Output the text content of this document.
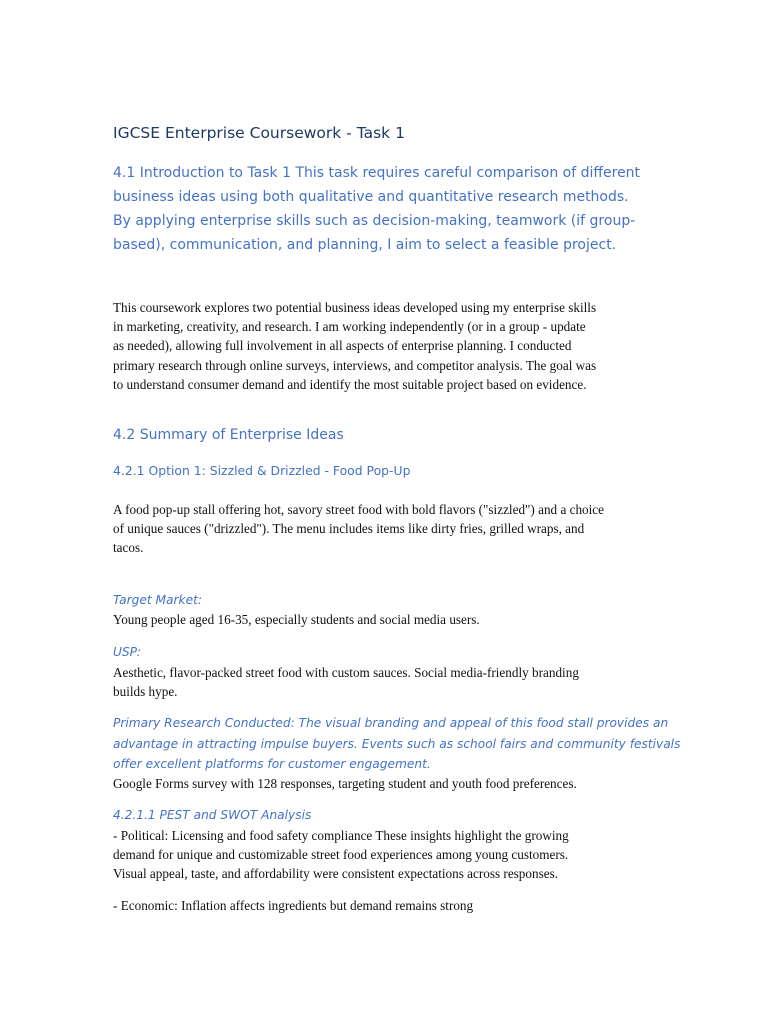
IGCSE Enterprise Coursework - Task 1
4.1 Introduction to Task 1 This task requires careful comparison of different
business ideas using both qualitative and quantitative research methods.
By applying enterprise skills such as decision-making, teamwork (if group-
based), communication, and planning, I aim to select a feasible project.
This coursework explores two potential business ideas developed using my enterprise skills
in marketing, creativity, and research. I am working independently (or in a group - update
as needed), allowing full involvement in all aspects of enterprise planning. I conducted
primary research through online surveys, interviews, and competitor analysis. The goal was
to understand consumer demand and identify the most suitable project based on evidence.
4.2 Summary of Enterprise Ideas
4.2.1 Option 1: Sizzled & Drizzled - Food Pop-Up
A food pop-up stall offering hot, savory street food with bold flavors ("sizzled") and a choice
of unique sauces ("drizzled"). The menu includes items like dirty fries, grilled wraps, and
tacos.
Target Market:
Young people aged 16-35, especially students and social media users.
USP:
Aesthetic, flavor-packed street food with custom sauces. Social media-friendly branding
builds hype.
Primary Research Conducted: The visual branding and appeal of this food stall provides an
advantage in attracting impulse buyers. Events such as school fairs and community festivals
offer excellent platforms for customer engagement.
Google Forms survey with 128 responses, targeting student and youth food preferences.
4.2.1.1 PEST and SWOT Analysis
- Political: Licensing and food safety compliance These insights highlight the growing
demand for unique and customizable street food experiences among young customers.
Visual appeal, taste, and affordability were consistent expectations across responses.
- Economic: Inflation affects ingredients but demand remains strong
